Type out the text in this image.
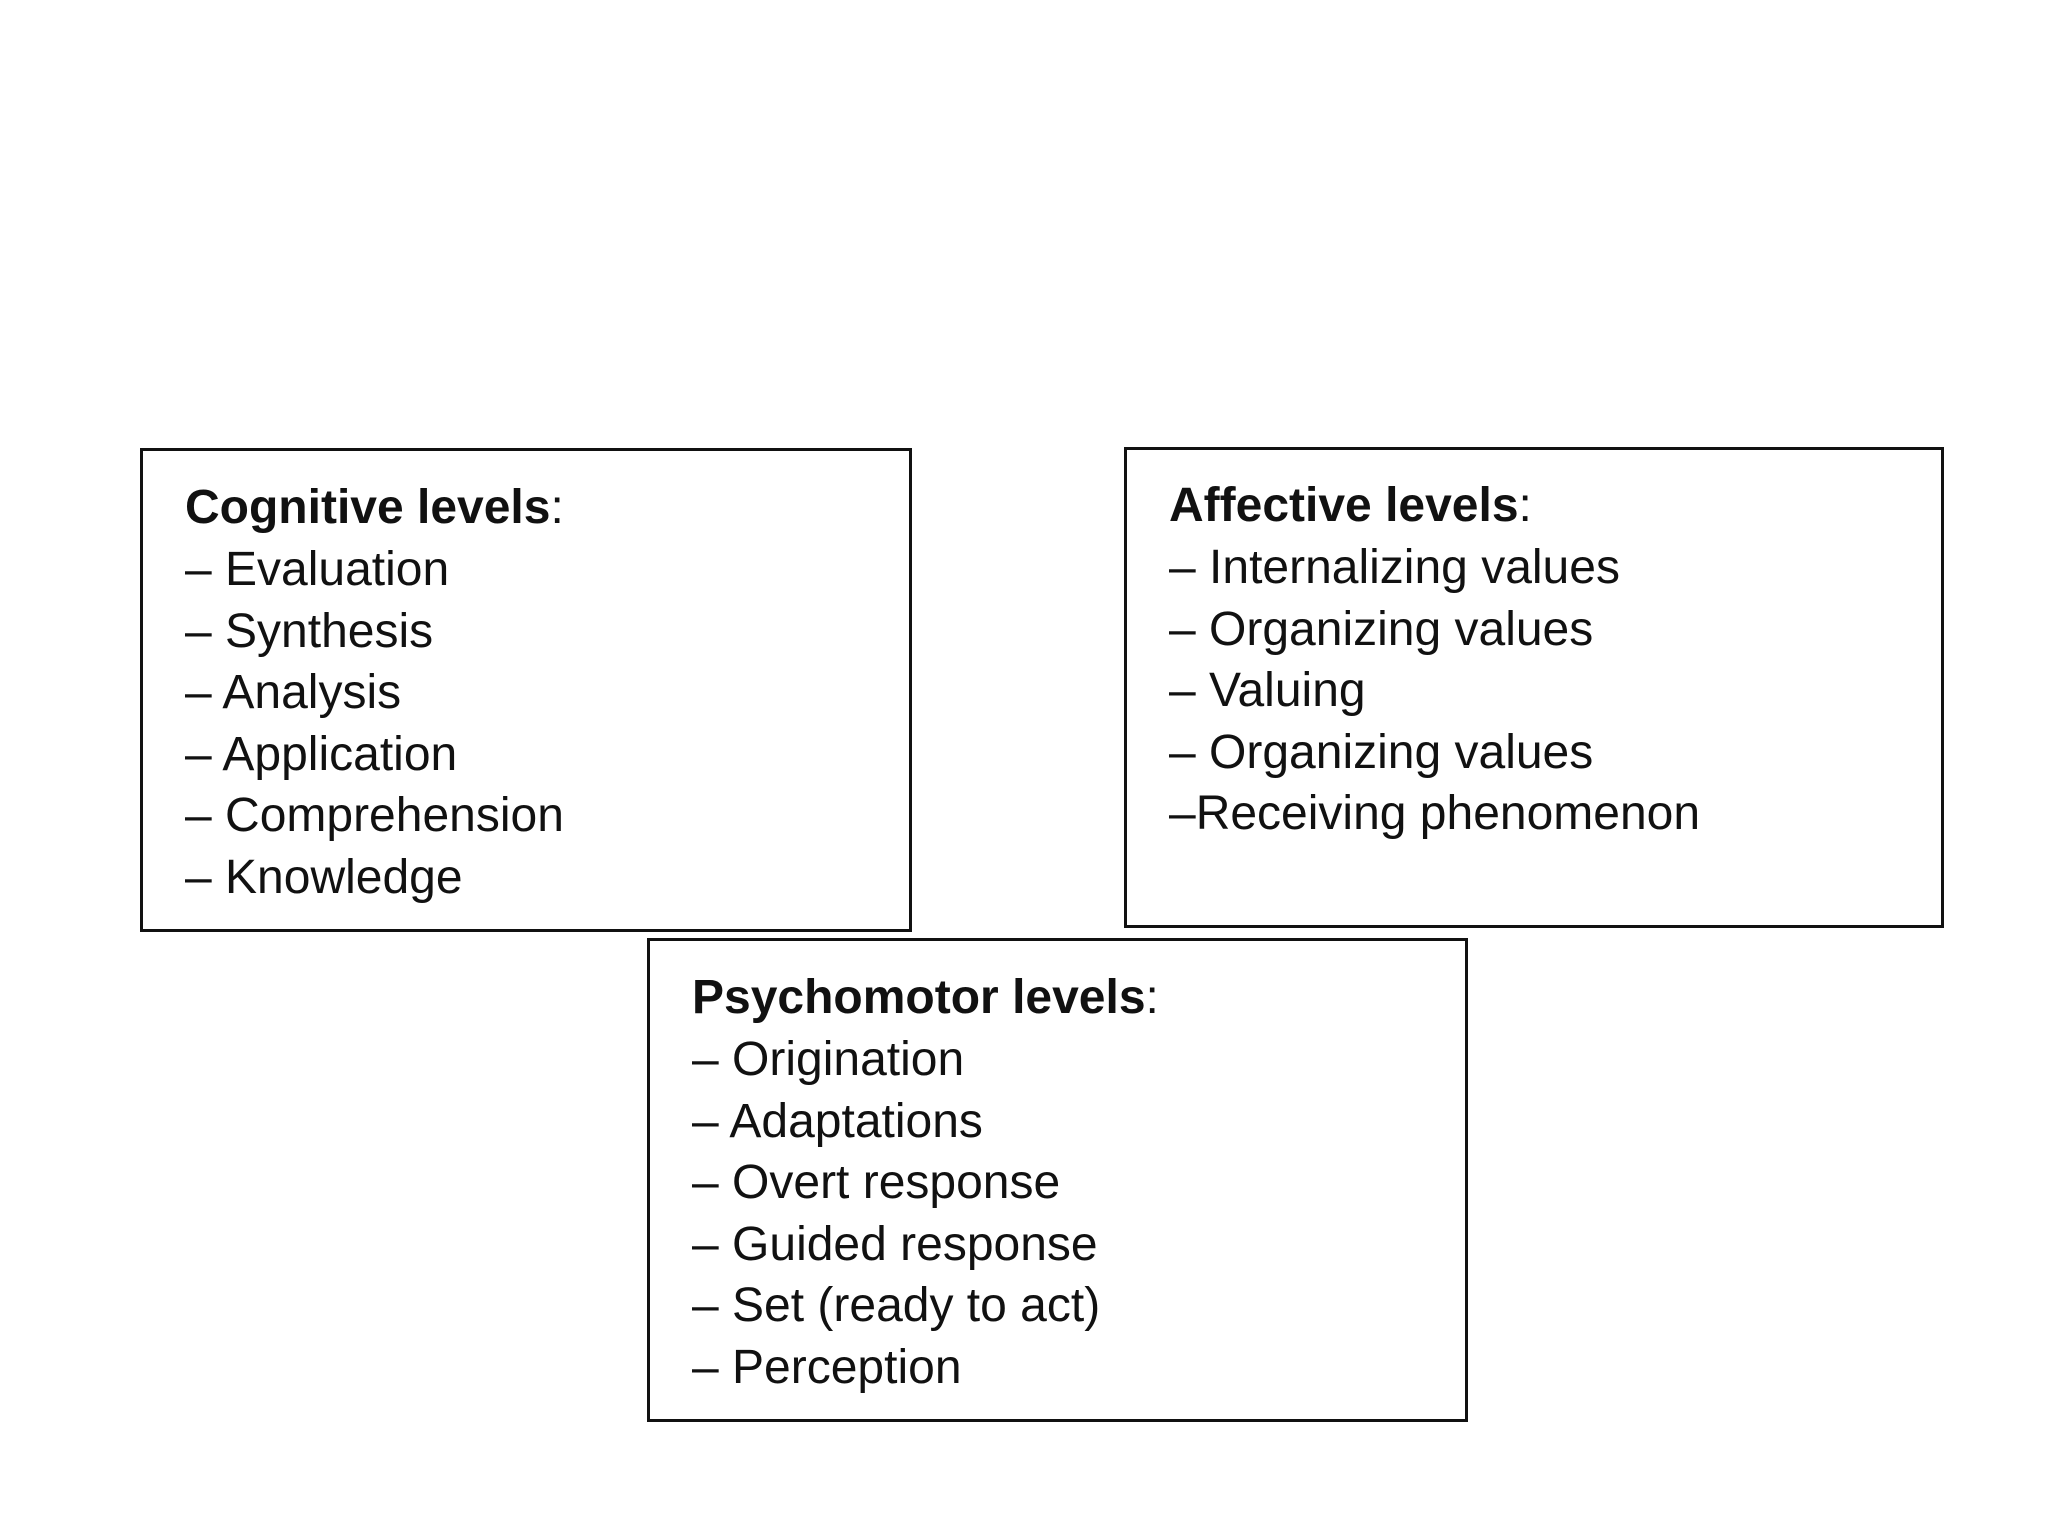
Cognitive levels:

– Evaluation
– Synthesis
– Analysis
– Application
– Comprehension
– Knowledge

Affective levels:

– Internalizing values
– Organizing values
– Valuing
– Organizing values
–Receiving phenomenon

Psychomotor levels:

– Origination
– Adaptations
– Overt response
– Guided response
– Set (ready to act)
– Perception
